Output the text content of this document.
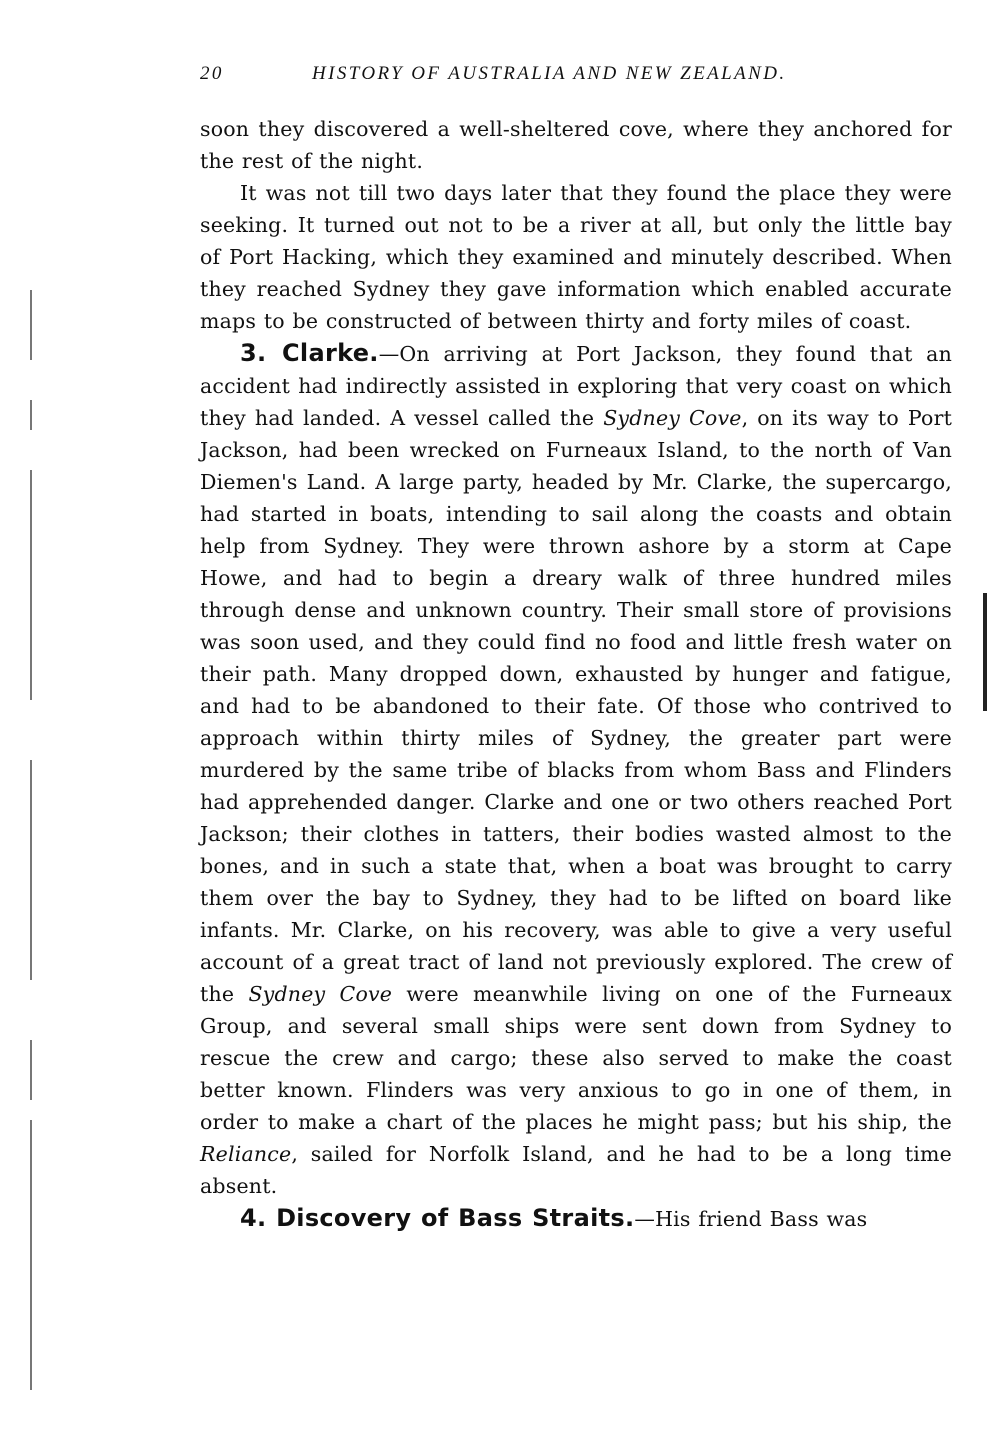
20	HISTORY OF AUSTRALIA AND NEW ZEALAND.

soon they discovered a well-sheltered cove, where they anchored for the rest of the night.

It was not till two days later that they found the place they were seeking. It turned out not to be a river at all, but only the little bay of Port Hacking, which they examined and minutely described. When they reached Sydney they gave information which enabled accurate maps to be constructed of between thirty and forty miles of coast.

3. Clarke.—On arriving at Port Jackson, they found that an accident had indirectly assisted in exploring that very coast on which they had landed. A vessel called the Sydney Cove, on its way to Port Jackson, had been wrecked on Furneaux Island, to the north of Van Diemen's Land. A large party, headed by Mr. Clarke, the supercargo, had started in boats, intending to sail along the coasts and obtain help from Sydney. They were thrown ashore by a storm at Cape Howe, and had to begin a dreary walk of three hundred miles through dense and unknown country. Their small store of provisions was soon used, and they could find no food and little fresh water on their path. Many dropped down, exhausted by hunger and fatigue, and had to be abandoned to their fate. Of those who contrived to approach within thirty miles of Sydney, the greater part were murdered by the same tribe of blacks from whom Bass and Flinders had apprehended danger. Clarke and one or two others reached Port Jackson; their clothes in tatters, their bodies wasted almost to the bones, and in such a state that, when a boat was brought to carry them over the bay to Sydney, they had to be lifted on board like infants. Mr. Clarke, on his recovery, was able to give a very useful account of a great tract of land not previously explored. The crew of the Sydney Cove were meanwhile living on one of the Furneaux Group, and several small ships were sent down from Sydney to rescue the crew and cargo; these also served to make the coast better known. Flinders was very anxious to go in one of them, in order to make a chart of the places he might pass; but his ship, the Reliance, sailed for Norfolk Island, and he had to be a long time absent.

4. Discovery of Bass Straits.—His friend Bass was
